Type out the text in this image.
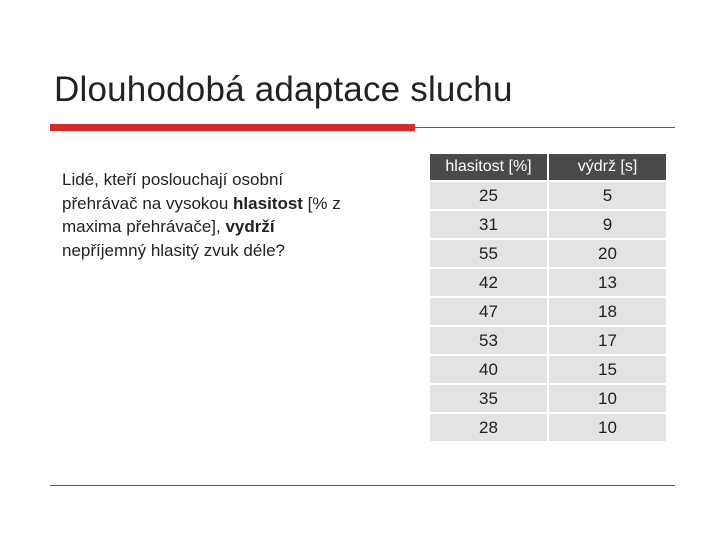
Dlouhodobá adaptace sluchu
Lidé, kteří poslouchají osobní přehrávač na vysokou hlasitost [% z maxima přehrávače], vydrží nepříjemný hlasitý zvuk déle?
hlasitost [%]	výdrž [s]
25	5
31	9
55	20
42	13
47	18
53	17
40	15
35	10
28	10
